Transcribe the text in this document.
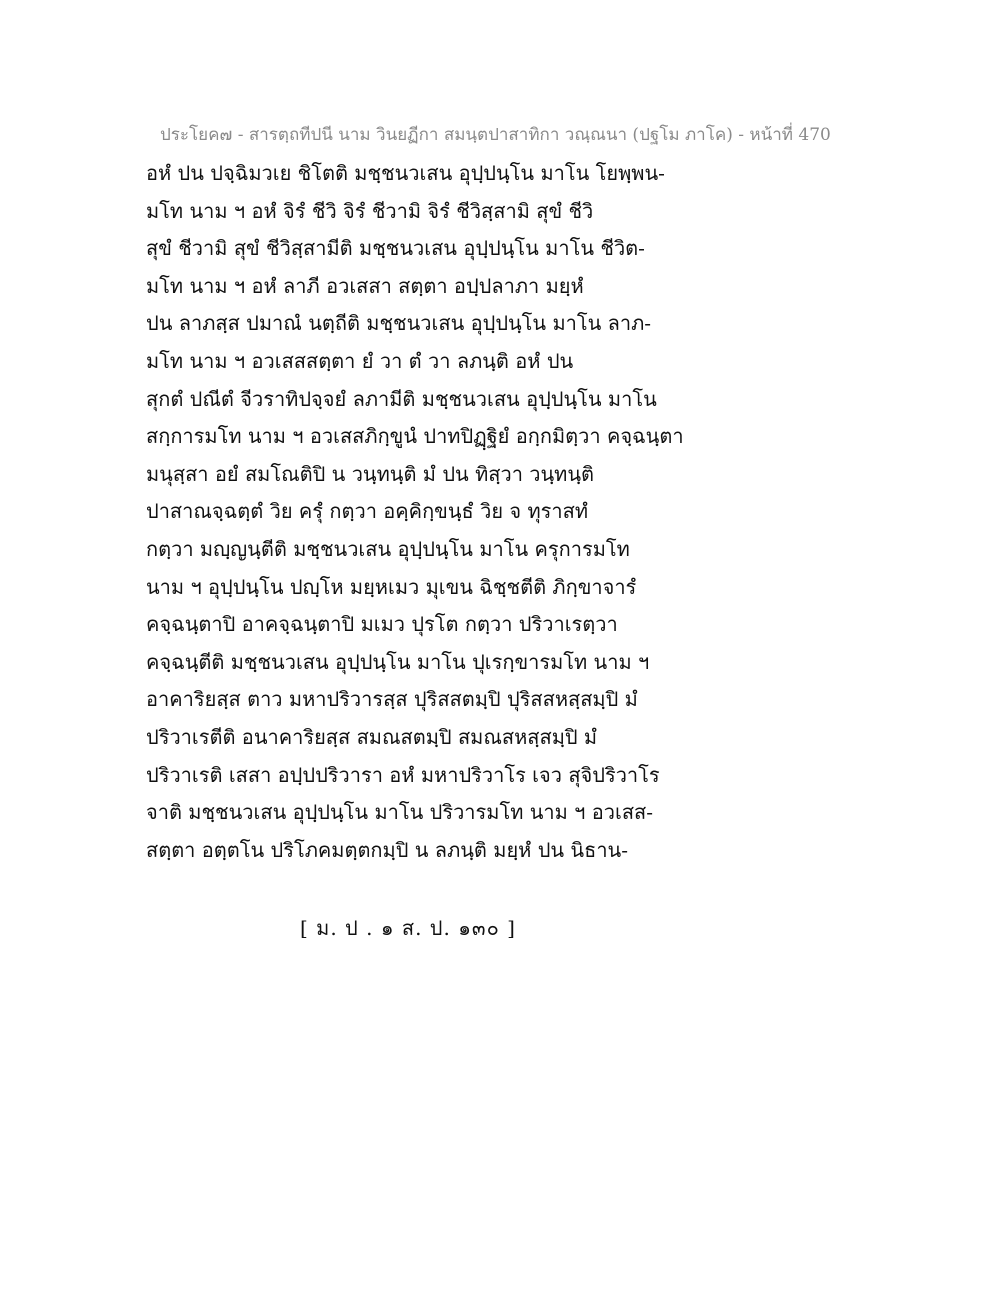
ประโยค๗ - สารตฺถทีปนี นาม วินยฏีกา สมนฺตปาสาทิกา วณฺณนา (ปฐโม ภาโค) - หน้าที่ 470
อหํ ปน ปจฺฉิมวเย ชิโตติ มชฺชนวเสน อุปฺปนฺโน มาโน โยพฺพน-
มโท นาม ฯ อหํ จิรํ ชีวิ จิรํ ชีวามิ จิรํ ชีวิสฺสามิ สุขํ ชีวิ
สุขํ ชีวามิ สุขํ ชีวิสฺสามีติ มชฺชนวเสน อุปฺปนฺโน มาโน ชีวิต-
มโท นาม ฯ อหํ ลาภี อวเสสา สตฺตา อปฺปลาภา มยฺหํ
ปน ลาภสฺส ปมาณํ นตฺถีติ มชฺชนวเสน อุปฺปนฺโน มาโน ลาภ-
มโท นาม ฯ อวเสสสตฺตา ยํ วา ตํ วา ลภนฺติ อหํ ปน
สุกตํ ปณีตํ จีวราทิปจฺจยํ ลภามีติ มชฺชนวเสน อุปฺปนฺโน มาโน
สกฺการมโท นาม ฯ อวเสสภิกฺขูนํ ปาทปิฏฺฐิยํ อกฺกมิตฺวา คจฺฉนฺตา
มนุสฺสา อยํ สมโณติปิ น วนฺทนฺติ มํ ปน ทิสฺวา วนฺทนฺติ
ปาสาณจฺฉตฺตํ วิย ครุํ กตฺวา อคฺคิกฺขนฺธํ วิย จ ทุราสทํ
กตฺวา มญฺญนฺตีติ มชฺชนวเสน อุปฺปนฺโน มาโน ครุการมโท
นาม ฯ อุปฺปนฺโน ปญฺโห มยฺหเมว มุเขน ฉิชฺชตีติ ภิกฺขาจารํ
คจฺฉนฺตาปิ อาคจฺฉนฺตาปิ มเมว ปุรโต กตฺวา ปริวาเรตฺวา
คจฺฉนฺตีติ มชฺชนวเสน อุปฺปนฺโน มาโน ปุเรกฺขารมโท นาม ฯ
อาคาริยสฺส ตาว มหาปริวารสฺส ปุริสสตมฺปิ ปุริสสหสฺสมฺปิ มํ
ปริวาเรตีติ อนาคาริยสฺส สมณสตมฺปิ สมณสหสฺสมฺปิ มํ
ปริวาเรติ เสสา อปฺปปริวารา อหํ มหาปริวาโร เจว สุจิปริวาโร
จาติ มชฺชนวเสน อุปฺปนฺโน มาโน ปริวารมโท นาม ฯ อวเสส-
สตฺตา อตฺตโน ปริโภคมตฺตกมฺปิ น ลภนฺติ มยฺหํ ปน นิธาน-
[ ม. ป . ๑ ส. ป. ๑๓๐ ]
